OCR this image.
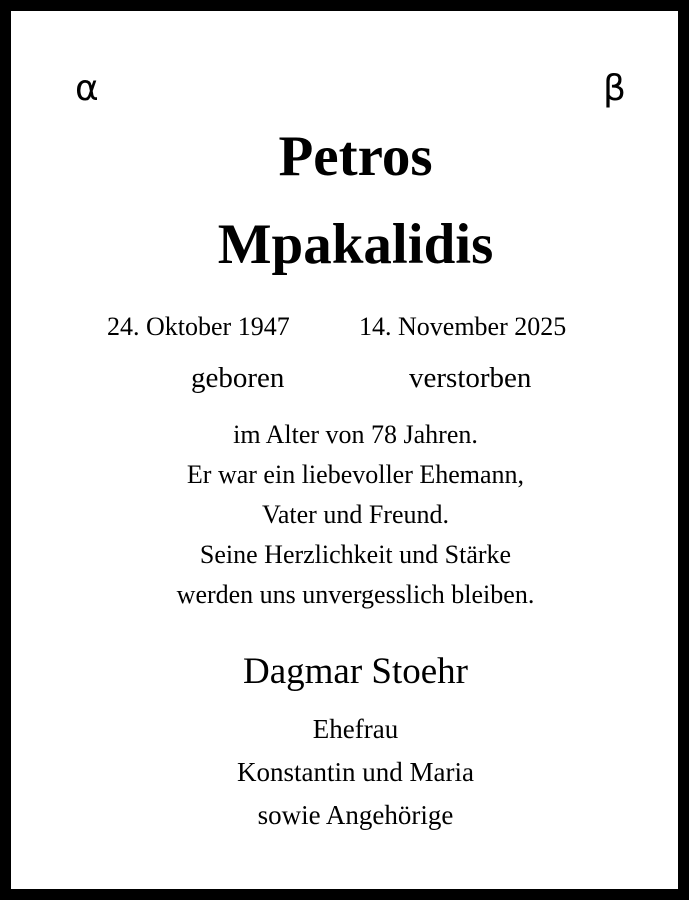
α	β
Petros
Mpakalidis
24. Oktober 1947	14. November 2025
geboren	verstorben
im Alter von 78 Jahren.
Er war ein liebevoller Ehemann,
Vater und Freund.
Seine Herzlichkeit und Stärke
werden uns unvergesslich bleiben.
Dagmar Stoehr
Ehefrau
Konstantin und Maria
sowie Angehörige
